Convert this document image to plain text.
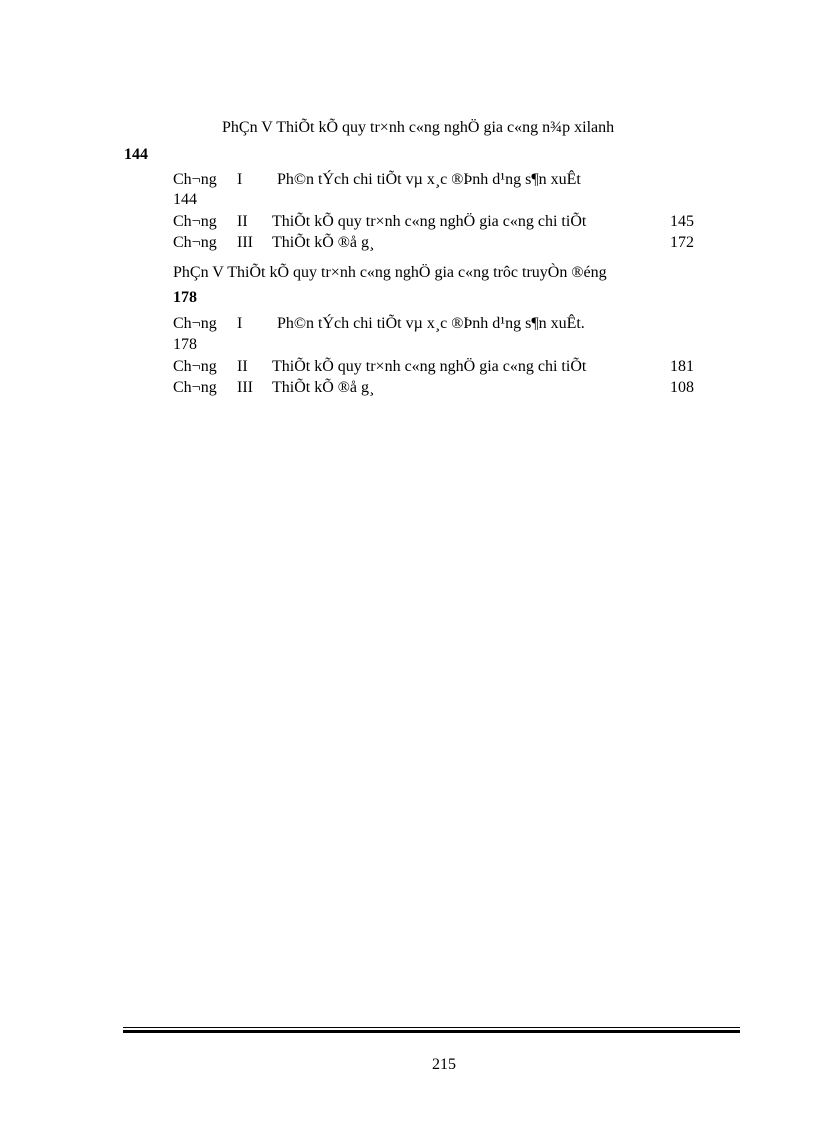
PhÇn V ThiÕt kÕ quy tr×nh c«ng nghÖ gia c«ng n¾p xilanh
144
Ch¬ng I Ph©n tÝch chi tiÕt vµ x¸c ®Þnh d¹ng s¶n xuÊt
144
Ch¬ng II ThiÕt kÕ quy tr×nh c«ng nghÖ gia c«ng chi tiÕt	145
Ch¬ng III ThiÕt kÕ ®å g¸	172
PhÇn V ThiÕt kÕ quy tr×nh c«ng nghÖ gia c«ng trôc truyÒn ®éng
178
Ch¬ng I Ph©n tÝch chi tiÕt vµ x¸c ®Þnh d¹ng s¶n xuÊt.
178
Ch¬ng II ThiÕt kÕ quy tr×nh c«ng nghÖ gia c«ng chi tiÕt	181
Ch¬ng III ThiÕt kÕ ®å g¸	108
215
